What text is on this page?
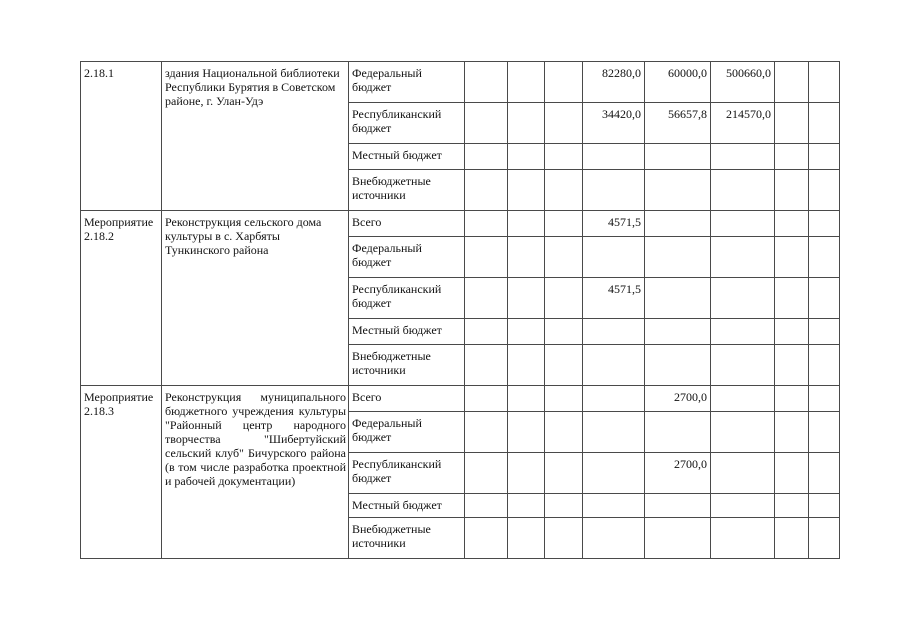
2.18.1	здания Национальной библиотеки Республики Бурятия в Советском районе, г. Улан-Удэ	Федеральный бюджет				82280,0	60000,0	500660,0		
		Республиканский бюджет				34420,0	56657,8	214570,0		
		Местный бюджет								
		Внебюджетные источники								
Мероприятие 2.18.2	Реконструкция сельского дома культуры в с. Харбяты Тункинского района	Всего				4571,5				
		Федеральный бюджет								
		Республиканский бюджет				4571,5				
		Местный бюджет								
		Внебюджетные источники								
Мероприятие 2.18.3	Реконструкция муниципального бюджетного учреждения культуры "Районный центр народного творчества "Шибертуйский сельский клуб" Бичурского района (в том числе разработка проектной и рабочей документации)	Всего					2700,0			
		Федеральный бюджет								
		Республиканский бюджет					2700,0			
		Местный бюджет								
		Внебюджетные источники								
